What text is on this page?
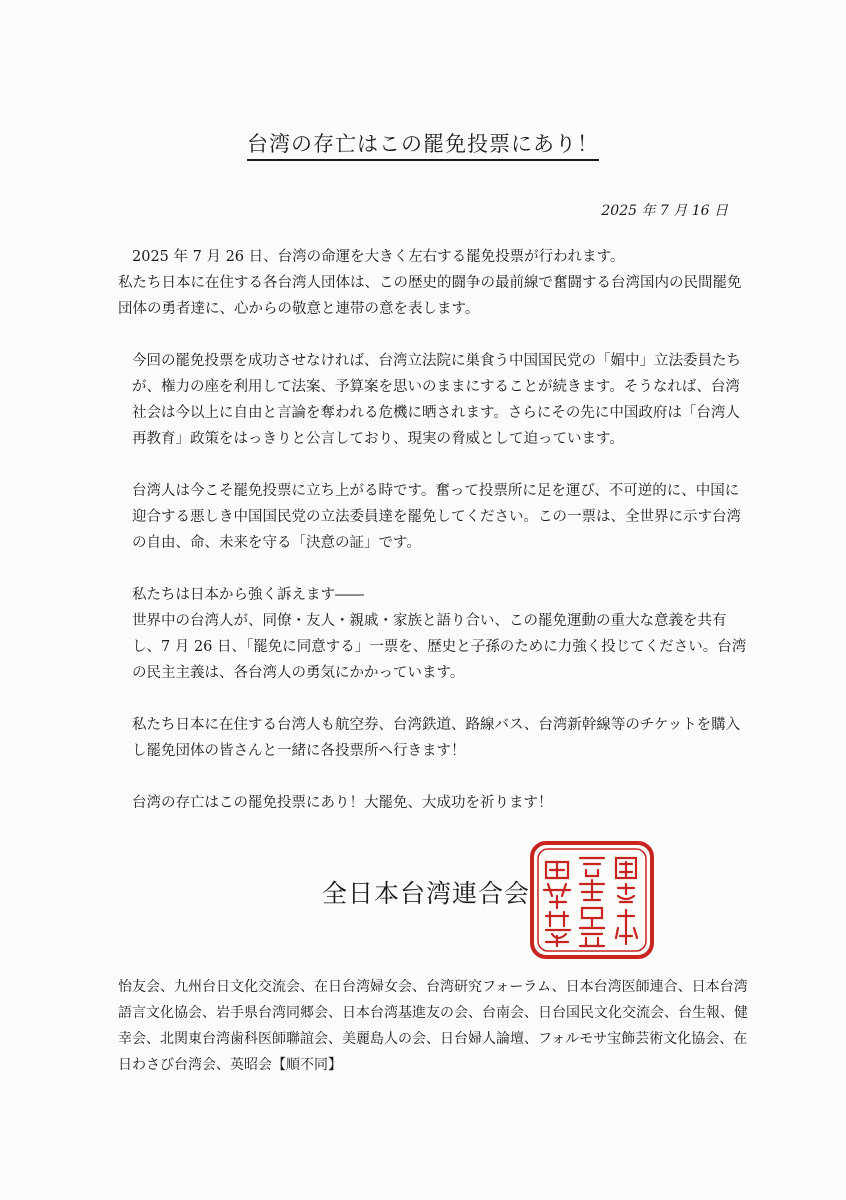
台湾の存亡はこの罷免投票にあり！
2025 年 7 月 16 日

2025 年 7 月 26 日、台湾の命運を大きく左右する罷免投票が行われます。
私たち日本に在住する各台湾人団体は、この歴史的闘争の最前線で奮闘する台湾国内の民間罷免団体の勇者達に、心からの敬意と連帯の意を表します。

今回の罷免投票を成功させなければ、台湾立法院に巣食う中国国民党の「媚中」立法委員たちが、権力の座を利用して法案、予算案を思いのままにすることが続きます。そうなれば、台湾社会は今以上に自由と言論を奪われる危機に晒されます。さらにその先に中国政府は「台湾人再教育」政策をはっきりと公言しており、現実の脅威として迫っています。

台湾人は今こそ罷免投票に立ち上がる時です。奮って投票所に足を運び、不可逆的に、中国に迎合する悪しき中国国民党の立法委員達を罷免してください。この一票は、全世界に示す台湾の自由、命、未来を守る「決意の証」です。

私たちは日本から強く訴えます――
世界中の台湾人が、同僚・友人・親戚・家族と語り合い、この罷免運動の重大な意義を共有し、7 月 26 日、「罷免に同意する」一票を、歴史と子孫のために力強く投じてください。台湾の民主主義は、各台湾人の勇気にかかっています。

私たち日本に在住する台湾人も航空券、台湾鉄道、路線バス、台湾新幹線等のチケットを購入し罷免団体の皆さんと一緒に各投票所へ行きます！

台湾の存亡はこの罷免投票にあり！大罷免、大成功を祈ります！

全日本台湾連合会
怡友会、九州台日文化交流会、在日台湾婦女会、台湾研究フォーラム、日本台湾医師連合、日本台湾語言文化協会、岩手県台湾同郷会、日本台湾基進友の会、台南会、日台国民文化交流会、台生報、健幸会、北関東台湾歯科医師聯誼会、美麗島人の会、日台婦人論壇、フォルモサ宝飾芸術文化協会、在日わさび台湾会、英昭会【順不同】
